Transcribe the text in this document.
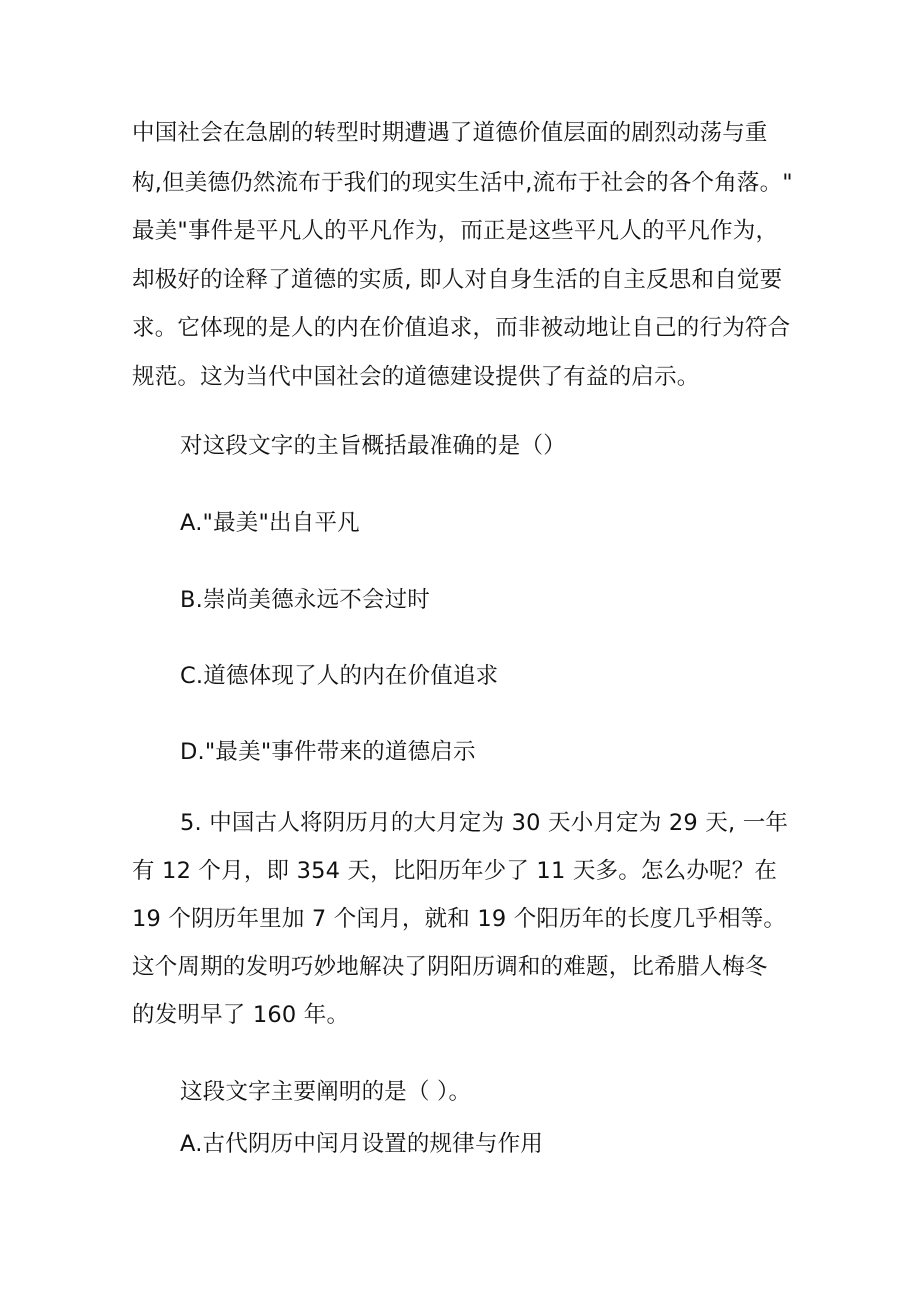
中国社会在急剧的转型时期遭遇了道德价值层面的剧烈动荡与重
构,但美德仍然流布于我们的现实生活中,流布于社会的各个角落。"
最美"事件是平凡人的平凡作为，而正是这些平凡人的平凡作为，
却极好的诠释了道德的实质, 即人对自身生活的自主反思和自觉要
求。它体现的是人的内在价值追求，而非被动地让自己的行为符合
规范。这为当代中国社会的道德建设提供了有益的启示。
对这段文字的主旨概括最准确的是（）
A."最美"出自平凡
B.崇尚美德永远不会过时
C.道德体现了人的内在价值追求
D."最美"事件带来的道德启示
5. 中国古人将阴历月的大月定为 30 天小月定为 29 天, 一年
有 12 个月，即 354 天，比阳历年少了 11 天多。怎么办呢？在
19 个阴历年里加 7 个闰月，就和 19 个阳历年的长度几乎相等。
这个周期的发明巧妙地解决了阴阳历调和的难题，比希腊人梅冬
的发明早了 160 年。
这段文字主要阐明的是（ ）。
A.古代阴历中闰月设置的规律与作用
